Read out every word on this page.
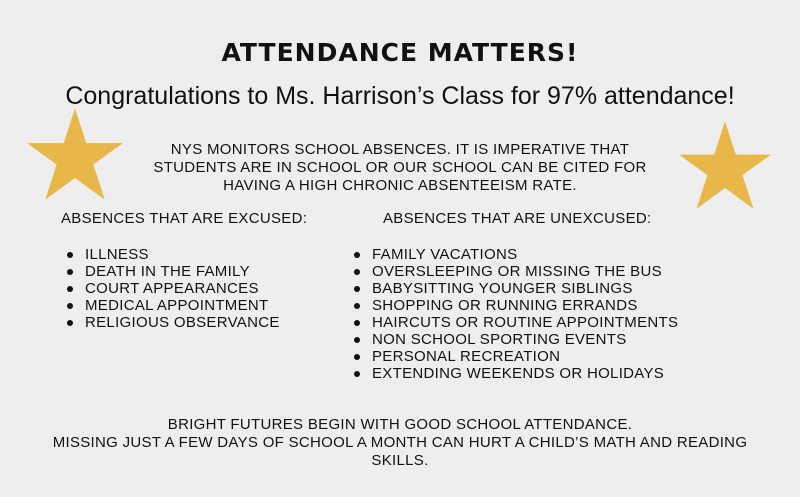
ATTENDANCE MATTERS!
Congratulations to Ms. Harrison’s Class for 97% attendance!
NYS MONITORS SCHOOL ABSENCES. IT IS IMPERATIVE THAT STUDENTS ARE IN SCHOOL OR OUR SCHOOL CAN BE CITED FOR HAVING A HIGH CHRONIC ABSENTEEISM RATE.
ABSENCES THAT ARE EXCUSED:	ABSENCES THAT ARE UNEXCUSED:
ILLNESS
DEATH IN THE FAMILY
COURT APPEARANCES
MEDICAL APPOINTMENT
RELIGIOUS OBSERVANCE
FAMILY VACATIONS
OVERSLEEPING OR MISSING THE BUS
BABYSITTING YOUNGER SIBLINGS
SHOPPING OR RUNNING ERRANDS
HAIRCUTS OR ROUTINE APPOINTMENTS
NON SCHOOL SPORTING EVENTS
PERSONAL RECREATION
EXTENDING WEEKENDS OR HOLIDAYS
BRIGHT FUTURES BEGIN WITH GOOD SCHOOL ATTENDANCE.
MISSING JUST A FEW DAYS OF SCHOOL A MONTH CAN HURT A CHILD’S MATH AND READING SKILLS.
